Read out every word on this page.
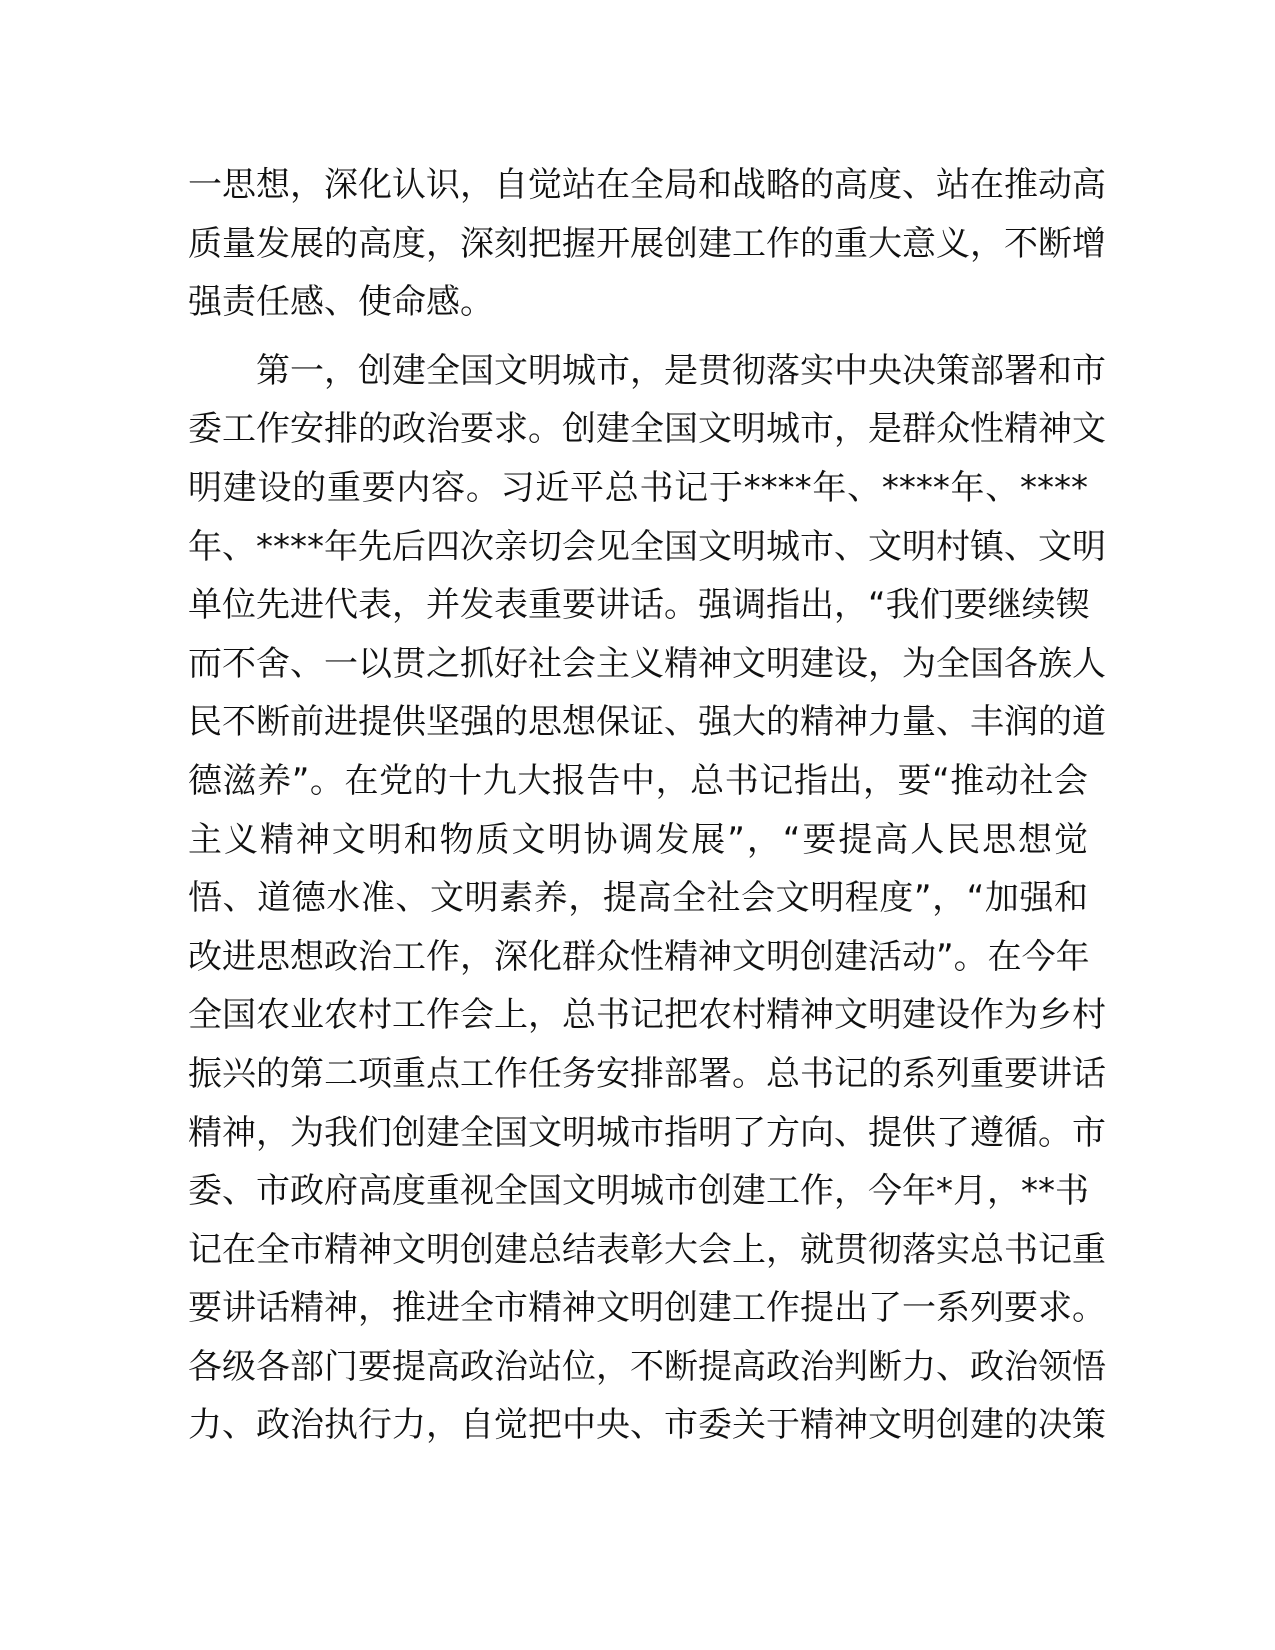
一思想，深化认识，自觉站在全局和战略的高度、站在推动高
质量发展的高度，深刻把握开展创建工作的重大意义，不断增
强责任感、使命感。
第一，创建全国文明城市，是贯彻落实中央决策部署和市
委工作安排的政治要求。创建全国文明城市，是群众性精神文
明建设的重要内容。习近平总书记于****年、****年、****
年、****年先后四次亲切会见全国文明城市、文明村镇、文明
单位先进代表，并发表重要讲话。强调指出，“我们要继续锲
而不舍、一以贯之抓好社会主义精神文明建设，为全国各族人
民不断前进提供坚强的思想保证、强大的精神力量、丰润的道
德滋养”。在党的十九大报告中，总书记指出，要“推动社会
主义精神文明和物质文明协调发展”，“要提高人民思想觉
悟、道德水准、文明素养，提高全社会文明程度”，“加强和
改进思想政治工作，深化群众性精神文明创建活动”。在今年
全国农业农村工作会上，总书记把农村精神文明建设作为乡村
振兴的第二项重点工作任务安排部署。总书记的系列重要讲话
精神，为我们创建全国文明城市指明了方向、提供了遵循。市
委、市政府高度重视全国文明城市创建工作，今年*月，**书
记在全市精神文明创建总结表彰大会上，就贯彻落实总书记重
要讲话精神，推进全市精神文明创建工作提出了一系列要求。
各级各部门要提高政治站位，不断提高政治判断力、政治领悟
力、政治执行力，自觉把中央、市委关于精神文明创建的决策
